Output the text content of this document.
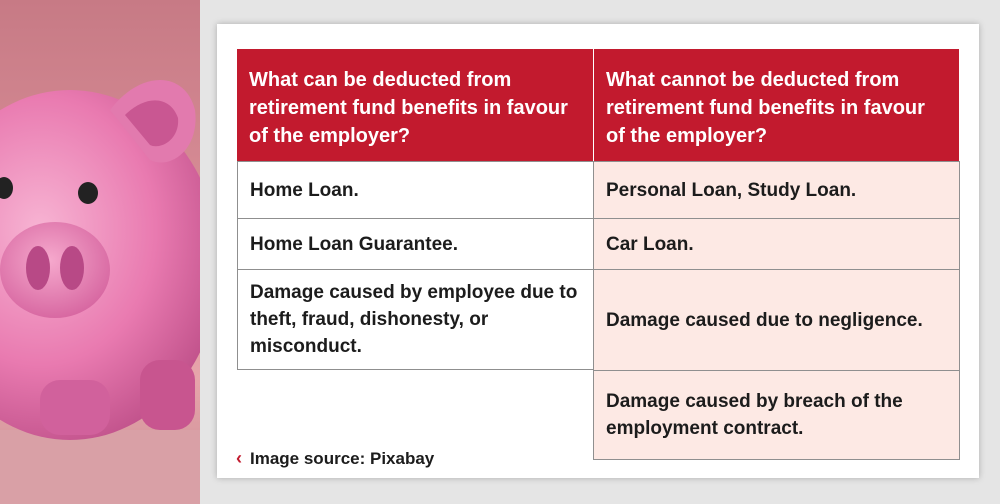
What can be deducted from retirement fund benefits in favour of the employer?
What cannot be deducted from retirement fund benefits in favour of the employer?
Home Loan.
Home Loan Guarantee.
Damage caused by employee due to theft, fraud, dishonesty, or misconduct.
Personal Loan, Study Loan.
Car Loan.
Damage caused due to negligence.
Damage caused by breach of the employment contract.
‹ Image source: Pixabay
